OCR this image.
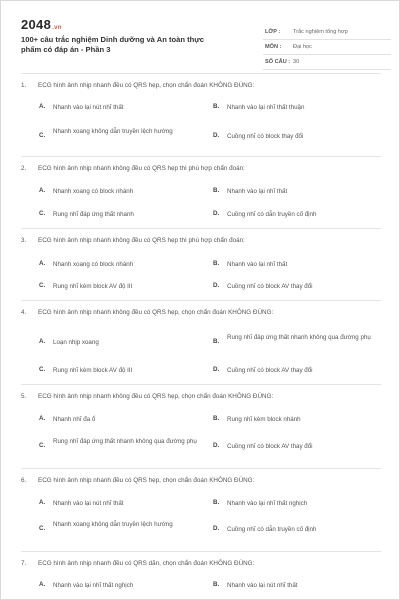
2048.vn
100+ câu trắc nghiệm Dinh dưỡng và An toàn thực phẩm có đáp án - Phần 3
LỚP : Trắc nghiệm tổng hợp
MÔN : Đại học
SỐ CÂU : 30
1. ECG hình ảnh nhịp nhanh đều có QRS hẹp, chọn chẩn đoán KHÔNG ĐÚNG:
A. Nhanh vào lại nút nhĩ thất	B. Nhanh vào lại nhĩ thất thuận
C.
Nhanh xoang không dẫn truyền lệch hướng
D. Cuồng nhĩ có block thay đổi
2. ECG hình ảnh nhịp nhanh không đều có QRS hẹp thì phù hợp chẩn đoán:
A. Nhanh xoang có block nhánh	B. Nhanh vào lại nhĩ thất
C. Rung nhĩ đáp ứng thất nhanh	D. Cuồng nhĩ có dẫn truyền cố định
3. ECG hình ảnh nhịp nhanh không đều có QRS hẹp thì phù hợp chẩn đoán:
A. Nhanh xoang có block nhánh	B. Nhanh vào lại nhĩ thất
C. Rung nhĩ kèm block AV độ III	D. Cuồng nhĩ có block AV thay đổi
4. ECG hình ảnh nhịp nhanh không đều có QRS hẹp, chọn chẩn đoán KHÔNG ĐÚNG:
A. Loạn nhịp xoang	B.
Rung nhĩ đáp ứng thất nhanh không qua đường phụ
C. Rung nhĩ kèm block AV độ III	D. Cuồng nhĩ có block AV thay đổi
5. ECG hình ảnh nhịp nhanh không đều có QRS hẹp, chọn chẩn đoán KHÔNG ĐÚNG:
A. Nhanh nhĩ đa ổ	B. Rung nhĩ kèm block nhánh
C.
Rung nhĩ đáp ứng thất nhanh không qua đường phụ
D. Cuồng nhĩ có block AV thay đổi
6. ECG hình ảnh nhịp nhanh đều có QRS hẹp, chọn chẩn đoán KHÔNG ĐÚNG:
A. Nhanh vào lại nút nhĩ thất	B. Nhanh vào lại nhĩ thất nghịch
C.
Nhanh xoang không dẫn truyền lệch hướng
D. Cuồng nhĩ có dẫn truyền cố định
7. ECG hình ảnh nhịp nhanh đều có QRS dãn, chọn chẩn đoán KHÔNG ĐÚNG:
A. Nhanh vào lại nhĩ thất nghịch	B. Nhanh vào lại nút nhĩ thất
